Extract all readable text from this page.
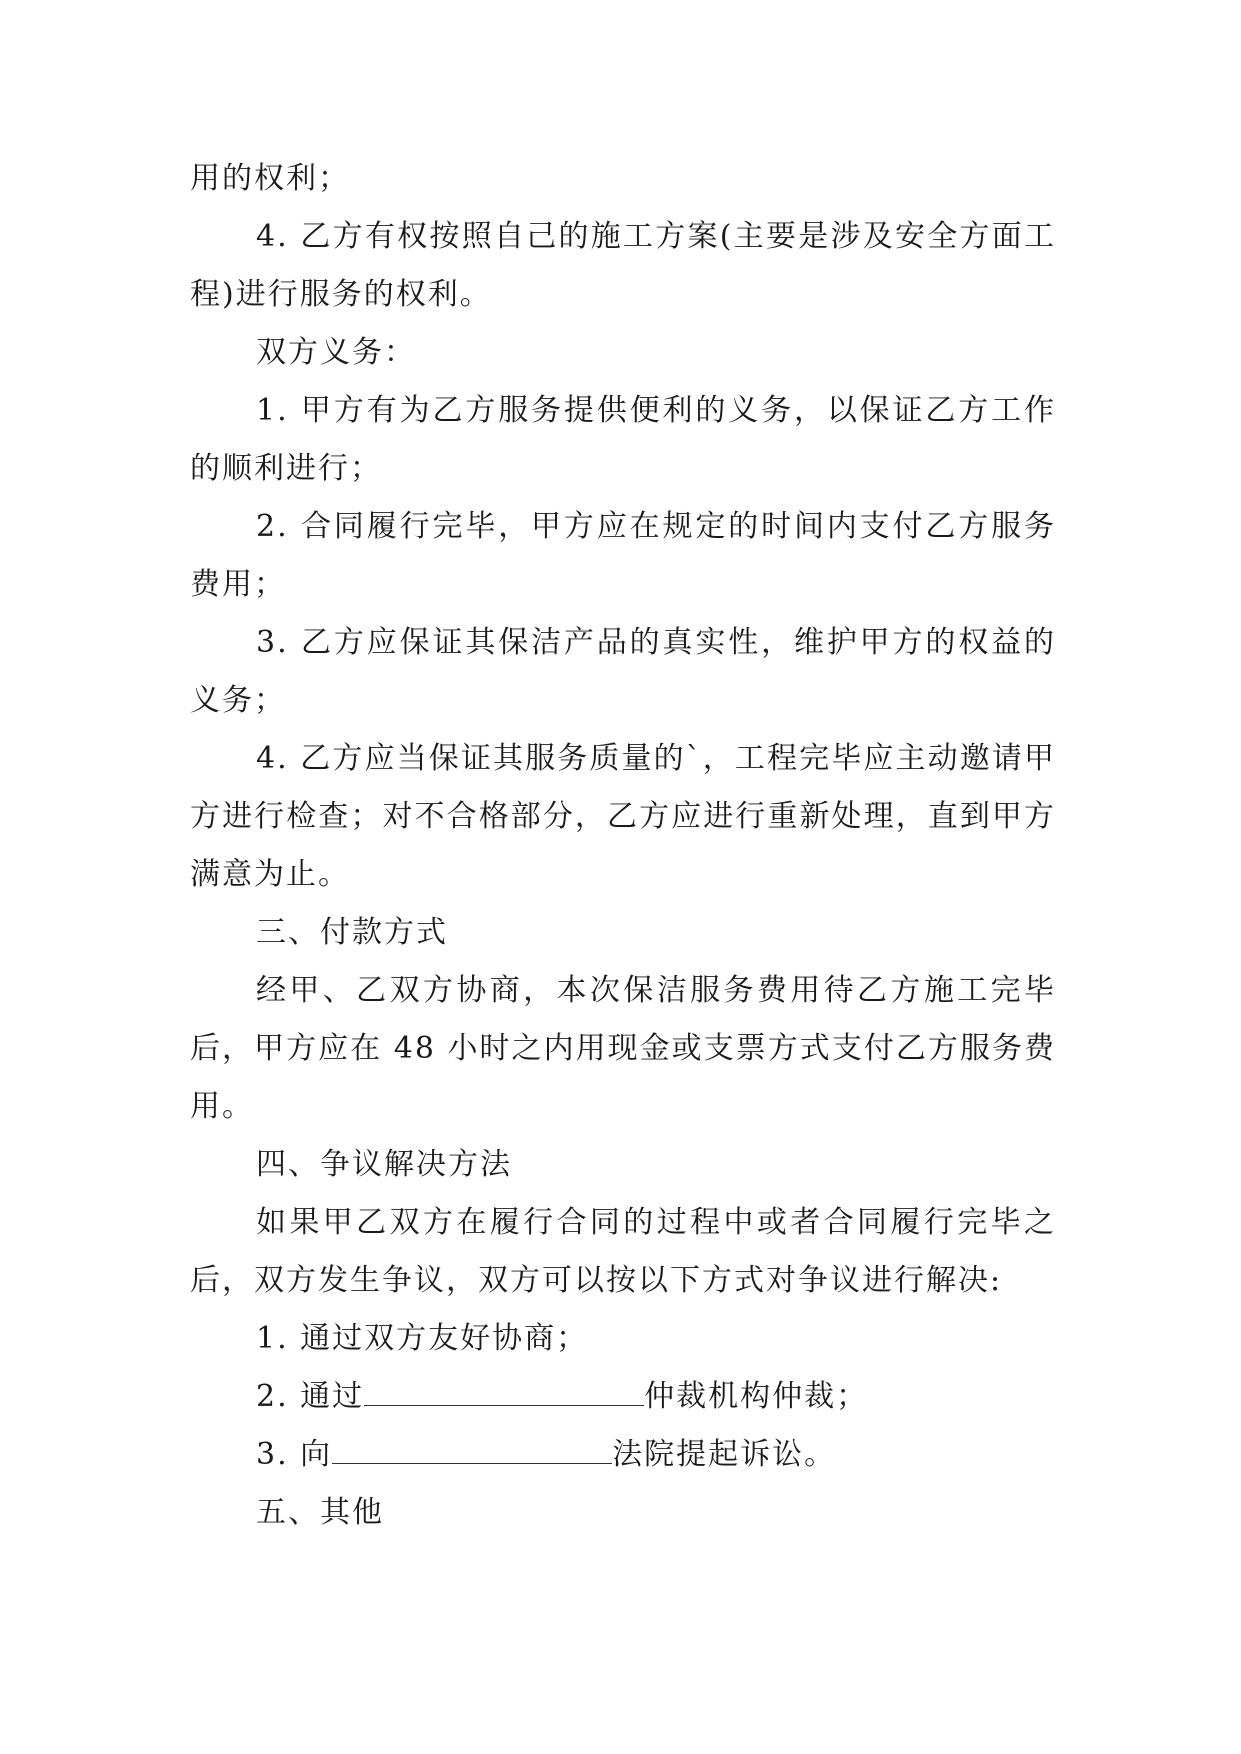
用的权利；

4. 乙方有权按照自己的施工方案(主要是涉及安全方面工程)进行服务的权利。

双方义务：

1. 甲方有为乙方服务提供便利的义务，以保证乙方工作的顺利进行；

2. 合同履行完毕，甲方应在规定的时间内支付乙方服务费用；

3. 乙方应保证其保洁产品的真实性，维护甲方的权益的义务；

4. 乙方应当保证其服务质量的`，工程完毕应主动邀请甲方进行检查；对不合格部分，乙方应进行重新处理，直到甲方满意为止。

三、付款方式

经甲、乙双方协商，本次保洁服务费用待乙方施工完毕后，甲方应在 48 小时之内用现金或支票方式支付乙方服务费用。

四、争议解决方法

如果甲乙双方在履行合同的过程中或者合同履行完毕之后，双方发生争议，双方可以按以下方式对争议进行解决:

1. 通过双方友好协商；

2. 通过	仲裁机构仲裁；

3. 向	法院提起诉讼。

五、其他
